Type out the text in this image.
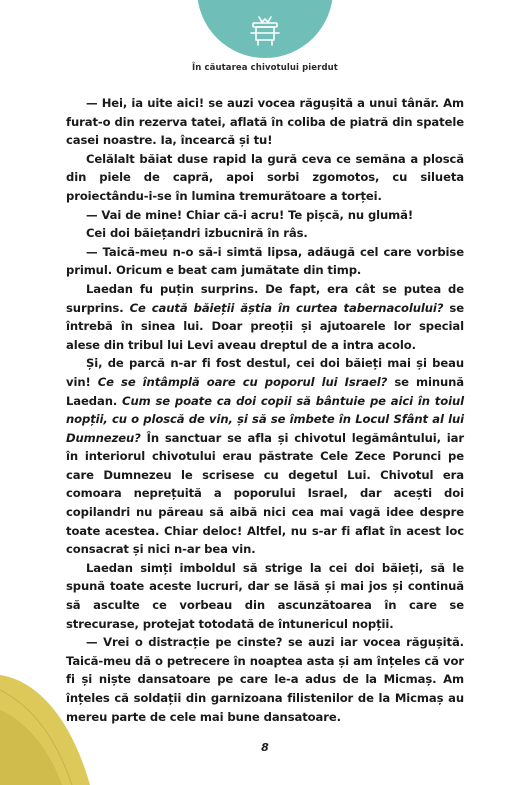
În căutarea chivotului pierdut

— Hei, ia uite aici! se auzi vocea răgușită a unui tânăr. Am furat-o din rezerva tatei, aflată în coliba de piatră din spatele casei noastre. Ia, încearcă și tu!

Celălalt băiat duse rapid la gură ceva ce semăna a ploscă din piele de capră, apoi sorbi zgomotos, cu silueta proiectându-i-se în lumina tremurătoare a torței.

— Vai de mine! Chiar că-i acru! Te pișcă, nu glumă!

Cei doi băiețandri izbucniră în râs.

— Taică-meu n-o să-i simtă lipsa, adăugă cel care vorbise primul. Oricum e beat cam jumătate din timp.

Laedan fu puțin surprins. De fapt, era cât se putea de surprins. Ce caută băieții ăștia în curtea tabernacolului? se întrebă în sinea lui. Doar preoții și ajutoarele lor special alese din tribul lui Levi aveau dreptul de a intra acolo.

Și, de parcă n-ar fi fost destul, cei doi băieți mai și beau vin! Ce se întâmplă oare cu poporul lui Israel? se minună Laedan. Cum se poate ca doi copii să bântuie pe aici în toiul nopții, cu o ploscă de vin, și să se îmbete în Locul Sfânt al lui Dumnezeu? În sanctuar se afla și chivotul legământului, iar în interiorul chivotului erau păstrate Cele Zece Porunci pe care Dumnezeu le scrisese cu degetul Lui. Chivotul era comoara neprețuită a poporului Israel, dar acești doi copilandri nu păreau să aibă nici cea mai vagă idee despre toate acestea. Chiar deloc! Altfel, nu s-ar fi aflat în acest loc consacrat și nici n-ar bea vin.

Laedan simți imboldul să strige la cei doi băieți, să le spună toate aceste lucruri, dar se lăsă și mai jos și continuă să asculte ce vorbeau din ascunzătoarea în care se strecurase, protejat totodată de întunericul nopții.

— Vrei o distracție pe cinste? se auzi iar vocea răgușită. Taică-meu dă o petrecere în noaptea asta și am înțeles că vor fi și niște dansatoare pe care le-a adus de la Micmaș. Am înțeles că soldații din garnizoana filistenilor de la Micmaș au mereu parte de cele mai bune dansatoare.

8
